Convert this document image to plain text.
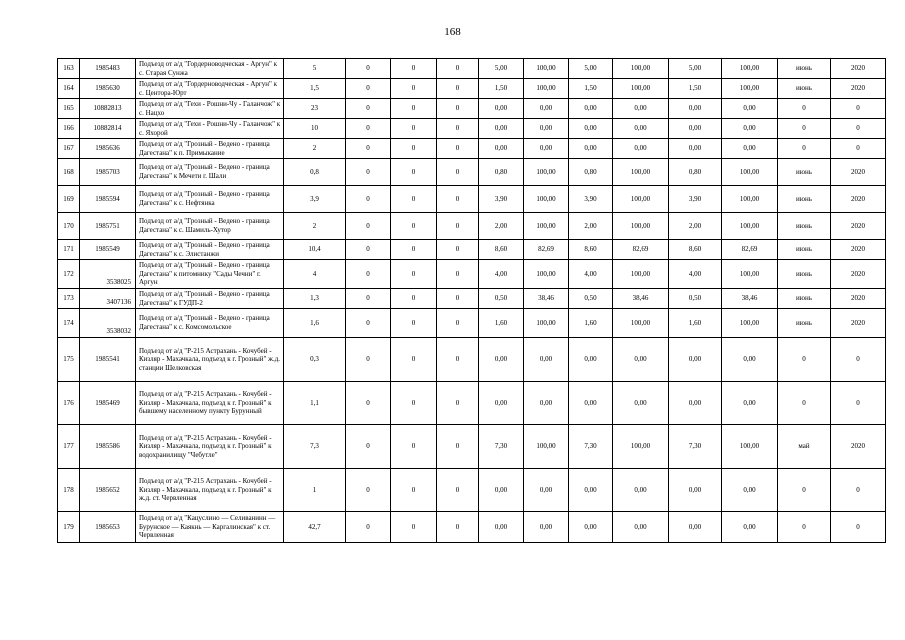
168
163	1985483	Подъезд от а/д "Гордерноводческая - Аргун" к с. Старая Сунжа	5	0	0	0	5,00	100,00	5,00	100,00	5,00	100,00	июнь	2020
164	1985630	Подъезд от а/д "Гордерноводческая - Аргун" к с. Центора-Юрт	1,5	0	0	0	1,50	100,00	1,50	100,00	1,50	100,00	июнь	2020
165	10882813	Подъезд от а/д "Гехи - Рошни-Чу - Галанчож" к с. Нацхо	23	0	0	0	0,00	0,00	0,00	0,00	0,00	0,00	0	0
166	10882814	Подъезд от а/д "Гехи - Рошни-Чу - Галанчож" к с. Яхорой	10	0	0	0	0,00	0,00	0,00	0,00	0,00	0,00	0	0
167	1985636	Подъезд от а/д "Грозный - Ведено - граница Дагестана" к п. Примыкание	2	0	0	0	0,00	0,00	0,00	0,00	0,00	0,00	0	0
168	1985703	Подъезд от а/д "Грозный - Ведено - граница Дагестана" к Мечети г. Шали	0,8	0	0	0	0,80	100,00	0,80	100,00	0,80	100,00	июнь	2020
169	1985594	Подъезд от а/д "Грозный - Ведено - граница Дагестана" к с. Нефтянка	3,9	0	0	0	3,90	100,00	3,90	100,00	3,90	100,00	июнь	2020
170	1985751	Подъезд от а/д "Грозный - Ведено - граница Дагестана" к с. Шамиль-Хутор	2	0	0	0	2,00	100,00	2,00	100,00	2,00	100,00	июнь	2020
171	1985549	Подъезд от а/д "Грозный - Ведено - граница Дагестана" к с. Элистанжи	10,4	0	0	0	8,60	82,69	8,60	82,69	8,60	82,69	июнь	2020
172	3538025	Подъезд от а/д "Грозный - Ведено - граница Дагестана" к питомнику "Сады Чечни" г. Аргун	4	0	0	0	4,00	100,00	4,00	100,00	4,00	100,00	июнь	2020
173	3407136	Подъезд от а/д "Грозный - Ведено - граница Дагестана" к ГУДП-2	1,3	0	0	0	0,50	38,46	0,50	38,46	0,50	38,46	июнь	2020
174	3538032	Подъезд от а/д "Грозный - Ведено - граница Дагестана" к с. Комсомольское	1,6	0	0	0	1,60	100,00	1,60	100,00	1,60	100,00	июнь	2020
175	1985541	Подъезд от а/д "Р-215 Астрахань - Кочубей - Кизляр - Махачкала, подъезд к г. Грозный" ж.д. станции Шелковская	0,3	0	0	0	0,00	0,00	0,00	0,00	0,00	0,00	0	0
176	1985469	Подъезд от а/д "Р-215 Астрахань - Кочубей - Кизляр - Махачкала, подъезд к г. Грозный" к бывшему населенному пункту Бурунный	1,1	0	0	0	0,00	0,00	0,00	0,00	0,00	0,00	0	0
177	1985586	Подъезд от а/д "Р-215 Астрахань - Кочубей - Кизляр - Махачкала, подъезд к г. Грозный" к водохранилищу "Чебутле"	7,3	0	0	0	7,30	100,00	7,30	100,00	7,30	100,00	май	2020
178	1985652	Подъезд от а/д "Р-215 Астрахань - Кочубей - Кизляр - Махачкала, подъезд к г. Грозный" к ж.д. ст. Червленная	1	0	0	0	0,00	0,00	0,00	0,00	0,00	0,00	0	0
179	1985653	Подъезд от а/д "Кацуслино — Селиванинн — Бурунское — Каякнь — Каргалинская" к ст. Червленная	42,7	0	0	0	0,00	0,00	0,00	0,00	0,00	0,00	0	0
